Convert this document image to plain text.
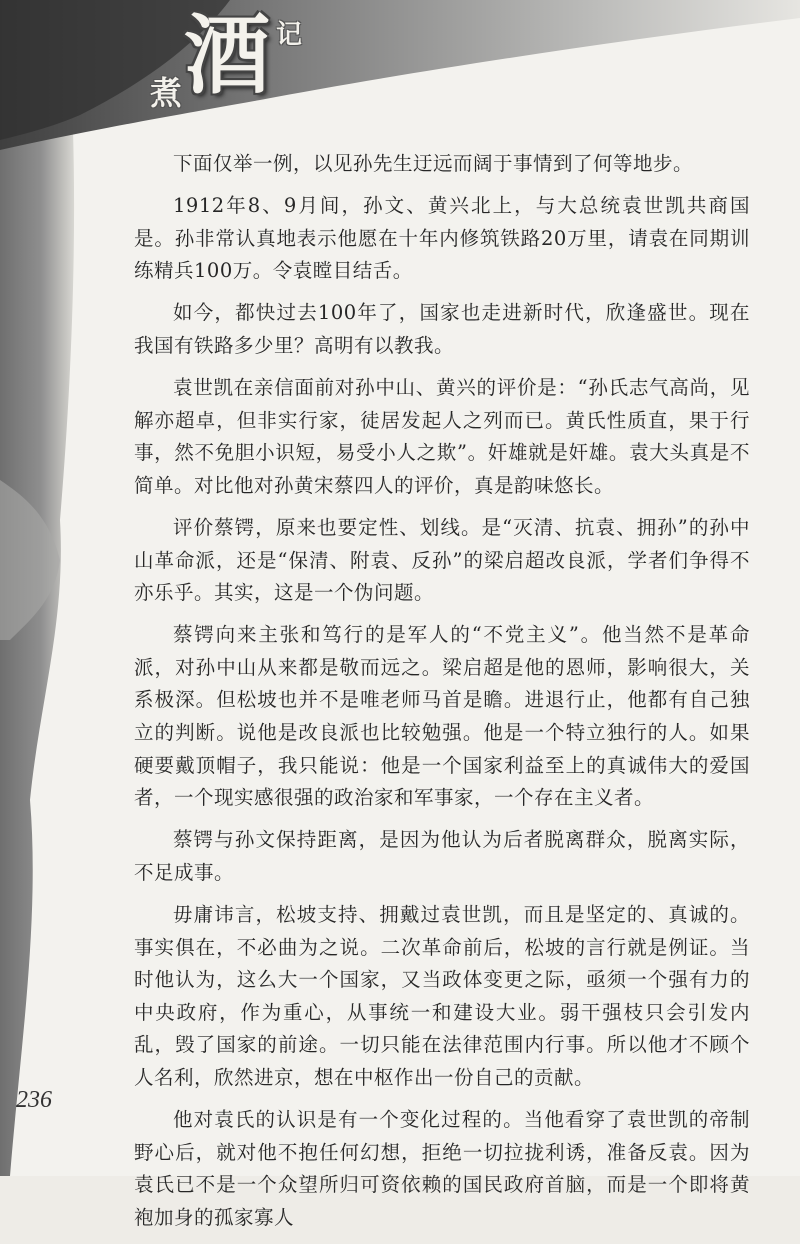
煮 酒 记

下面仅举一例，以见孙先生迂远而阔于事情到了何等地步。

1912年8、9月间，孙文、黄兴北上，与大总统袁世凯共商国是。孙非常认真地表示他愿在十年内修筑铁路20万里，请袁在同期训练精兵100万。令袁瞠目结舌。

如今，都快过去100年了，国家也走进新时代，欣逢盛世。现在我国有铁路多少里？高明有以教我。

袁世凯在亲信面前对孙中山、黄兴的评价是：“孙氏志气高尚，见解亦超卓，但非实行家，徒居发起人之列而已。黄氏性质直，果于行事，然不免胆小识短，易受小人之欺”。奸雄就是奸雄。袁大头真是不简单。对比他对孙黄宋蔡四人的评价，真是韵味悠长。

评价蔡锷，原来也要定性、划线。是“灭清、抗袁、拥孙”的孙中山革命派，还是“保清、附袁、反孙”的梁启超改良派，学者们争得不亦乐乎。其实，这是一个伪问题。

蔡锷向来主张和笃行的是军人的“不党主义”。他当然不是革命派，对孙中山从来都是敬而远之。梁启超是他的恩师，影响很大，关系极深。但松坡也并不是唯老师马首是瞻。进退行止，他都有自己独立的判断。说他是改良派也比较勉强。他是一个特立独行的人。如果硬要戴顶帽子，我只能说：他是一个国家利益至上的真诚伟大的爱国者，一个现实感很强的政治家和军事家，一个存在主义者。

蔡锷与孙文保持距离，是因为他认为后者脱离群众，脱离实际，不足成事。

毋庸讳言，松坡支持、拥戴过袁世凯，而且是坚定的、真诚的。事实俱在，不必曲为之说。二次革命前后，松坡的言行就是例证。当时他认为，这么大一个国家，又当政体变更之际，亟须一个强有力的中央政府，作为重心，从事统一和建设大业。弱干强枝只会引发内乱，毁了国家的前途。一切只能在法律范围内行事。所以他才不顾个人名利，欣然进京，想在中枢作出一份自己的贡献。

他对袁氏的认识是有一个变化过程的。当他看穿了袁世凯的帝制野心后，就对他不抱任何幻想，拒绝一切拉拢利诱，准备反袁。因为袁氏已不是一个众望所归可资依赖的国民政府首脑，而是一个即将黄袍加身的孤家寡人

236
